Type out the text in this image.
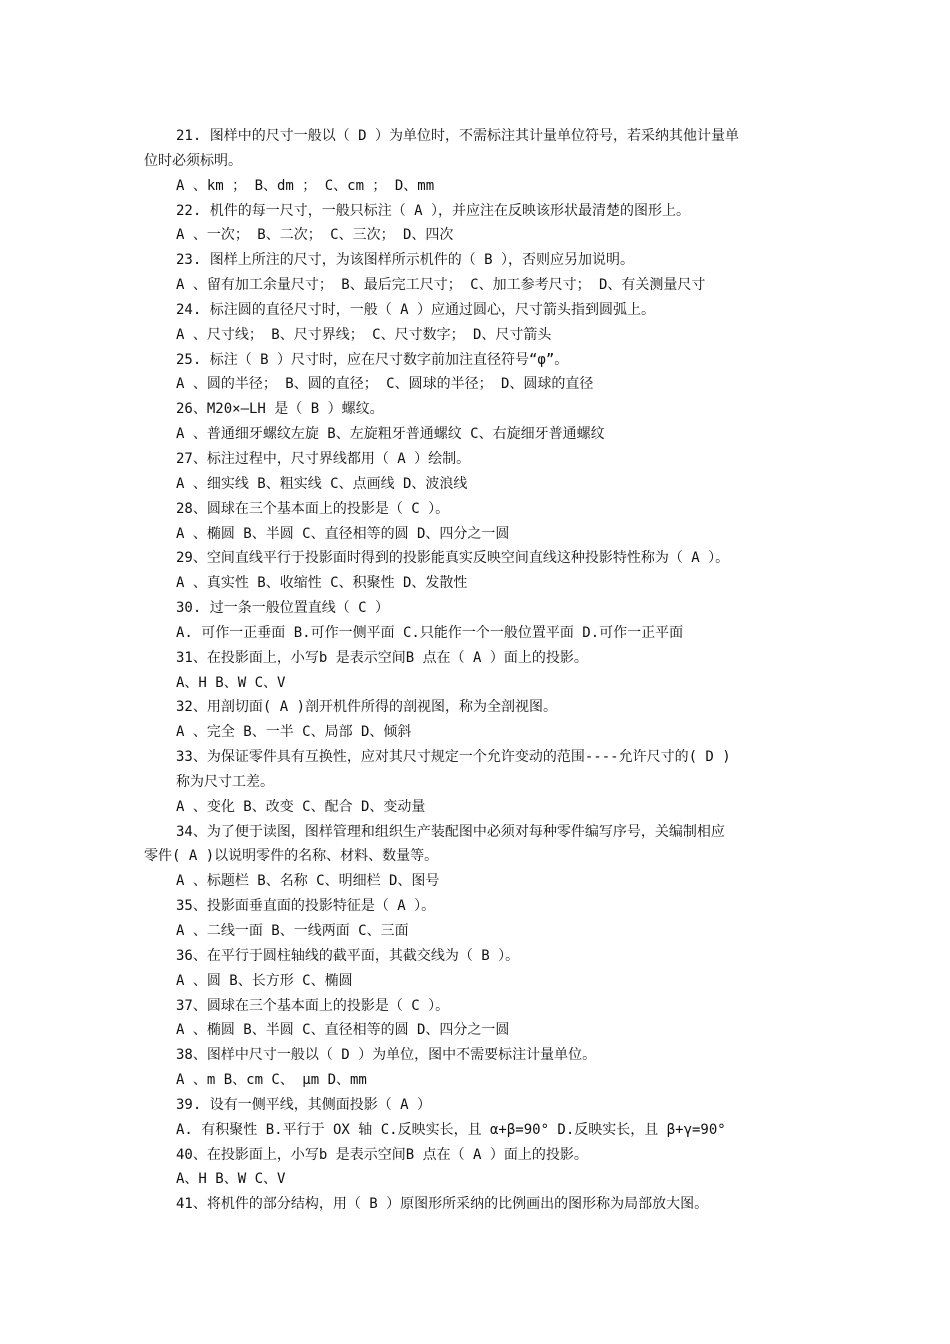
21. 图样中的尺寸一般以（ D ）为单位时，不需标注其计量单位符号，若采纳其他计量单
位时必须标明。
A 、km ； B、dm ； C、cm ； D、mm
22. 机件的每一尺寸，一般只标注（ A ），并应注在反映该形状最清楚的图形上。
A 、一次； B、二次； C、三次； D、四次
23. 图样上所注的尺寸，为该图样所示机件的（ B ），否则应另加说明。
A 、留有加工余量尺寸； B、最后完工尺寸； C、加工参考尺寸； D、有关测量尺寸
24. 标注圆的直径尺寸时，一般（ A ）应通过圆心，尺寸箭头指到圆弧上。
A 、尺寸线； B、尺寸界线； C、尺寸数字； D、尺寸箭头
25. 标注（ B ）尺寸时，应在尺寸数字前加注直径符号“φ”。
A 、圆的半径； B、圆的直径； C、圆球的半径； D、圆球的直径
26、M20×—LH 是（ B ）螺纹。
A 、普通细牙螺纹左旋 B、左旋粗牙普通螺纹 C、右旋细牙普通螺纹
27、标注过程中，尺寸界线都用（ A ）绘制。
A 、细实线 B、粗实线 C、点画线 D、波浪线
28、圆球在三个基本面上的投影是（ C ）。
A 、椭圆 B、半圆 C、直径相等的圆 D、四分之一圆
29、空间直线平行于投影面时得到的投影能真实反映空间直线这种投影特性称为（ A ）。
A 、真实性 B、收缩性 C、积聚性 D、发散性
30. 过一条一般位置直线（ C ）
A. 可作一正垂面 B.可作一侧平面 C.只能作一个一般位置平面 D.可作一正平面
31、在投影面上，小写b 是表示空间B 点在（ A ）面上的投影。
A、H B、W C、V
32、用剖切面( A )剖开机件所得的剖视图，称为全剖视图。
A 、完全 B、一半 C、局部 D、倾斜
33、为保证零件具有互换性，应对其尺寸规定一个允许变动的范围----允许尺寸的( D )
称为尺寸工差。
A 、变化 B、改变 C、配合 D、变动量
34、为了便于读图，图样管理和组织生产装配图中必须对每种零件编写序号，关编制相应
零件( A )以说明零件的名称、材料、数量等。
A 、标题栏 B、名称 C、明细栏 D、图号
35、投影面垂直面的投影特征是（ A ）。
A 、二线一面 B、一线两面 C、三面
36、在平行于圆柱轴线的截平面，其截交线为（ B ）。
A 、圆 B、长方形 C、椭圆
37、圆球在三个基本面上的投影是（ C ）。
A 、椭圆 B、半圆 C、直径相等的圆 D、四分之一圆
38、图样中尺寸一般以（ D ）为单位，图中不需要标注计量单位。
A 、m B、cm C、 μm D、mm
39. 设有一侧平线，其侧面投影（ A ）
A. 有积聚性 B.平行于 OX 轴 C.反映实长，且 α+β=90° D.反映实长，且 β+γ=90°
40、在投影面上，小写b 是表示空间B 点在（ A ）面上的投影。
A、H B、W C、V
41、将机件的部分结构，用（ B ）原图形所采纳的比例画出的图形称为局部放大图。
